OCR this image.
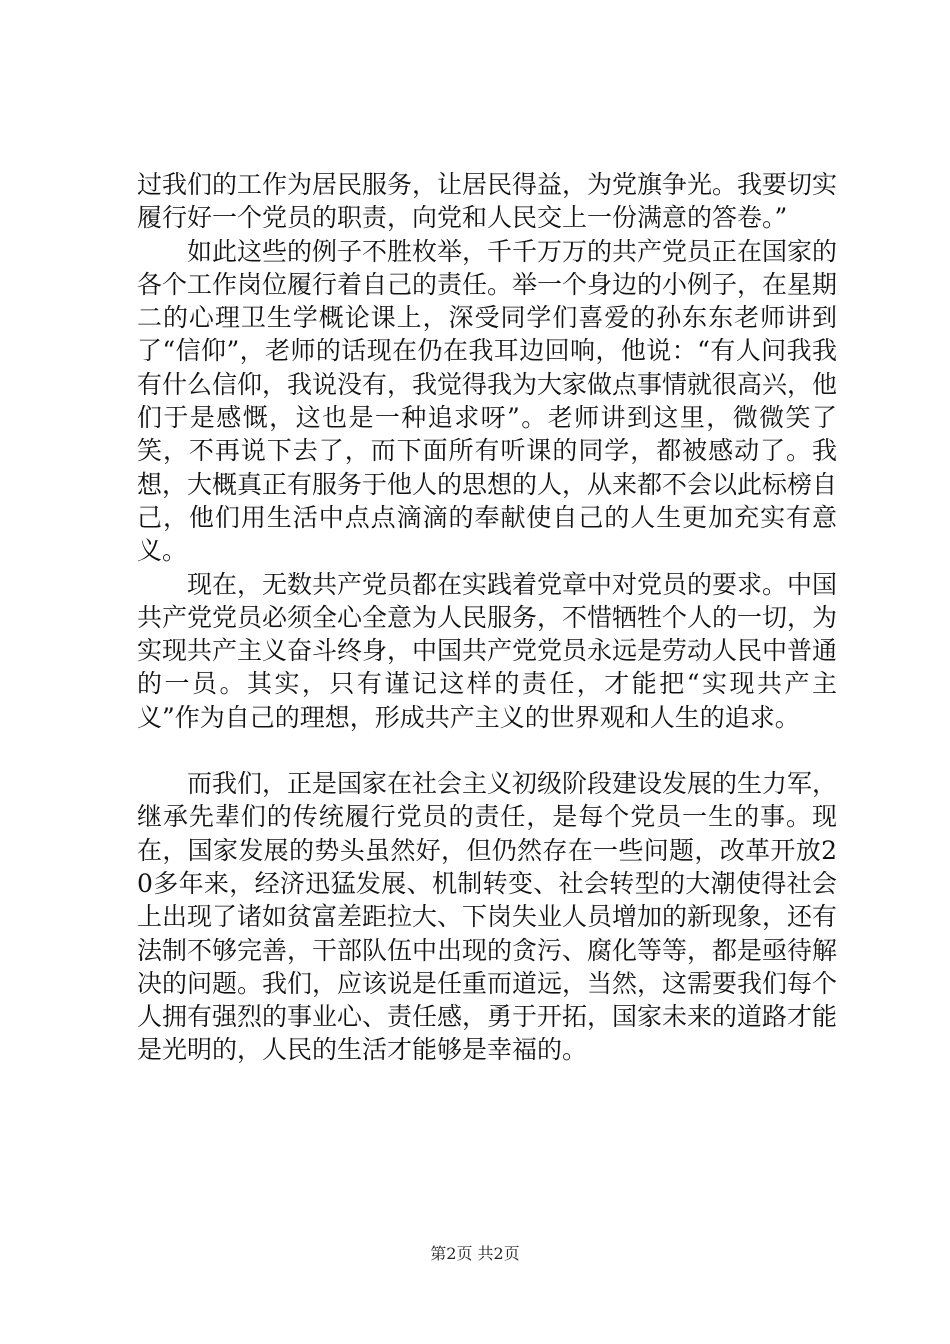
过我们的工作为居民服务，让居民得益，为党旗争光。我要切实履行好一个党员的职责，向党和人民交上一份满意的答卷。”

如此这些的例子不胜枚举，千千万万的共产党员正在国家的各个工作岗位履行着自己的责任。举一个身边的小例子，在星期二的心理卫生学概论课上，深受同学们喜爱的孙东东老师讲到了“信仰”，老师的话现在仍在我耳边回响，他说：“有人问我我有什么信仰，我说没有，我觉得我为大家做点事情就很高兴，他们于是感慨，这也是一种追求呀”。老师讲到这里，微微笑了笑，不再说下去了，而下面所有听课的同学，都被感动了。我想，大概真正有服务于他人的思想的人，从来都不会以此标榜自己，他们用生活中点点滴滴的奉献使自己的人生更加充实有意义。

现在，无数共产党员都在实践着党章中对党员的要求。中国共产党党员必须全心全意为人民服务，不惜牺牲个人的一切，为实现共产主义奋斗终身，中国共产党党员永远是劳动人民中普通的一员。其实，只有谨记这样的责任，才能把“实现共产主义”作为自己的理想，形成共产主义的世界观和人生的追求。

而我们，正是国家在社会主义初级阶段建设发展的生力军，继承先辈们的传统履行党员的责任，是每个党员一生的事。现在，国家发展的势头虽然好，但仍然存在一些问题，改革开放20多年来，经济迅猛发展、机制转变、社会转型的大潮使得社会上出现了诸如贫富差距拉大、下岗失业人员增加的新现象，还有法制不够完善，干部队伍中出现的贪污、腐化等等，都是亟待解决的问题。我们，应该说是任重而道远，当然，这需要我们每个人拥有强烈的事业心、责任感，勇于开拓，国家未来的道路才能是光明的，人民的生活才能够是幸福的。

第2页 共2页
